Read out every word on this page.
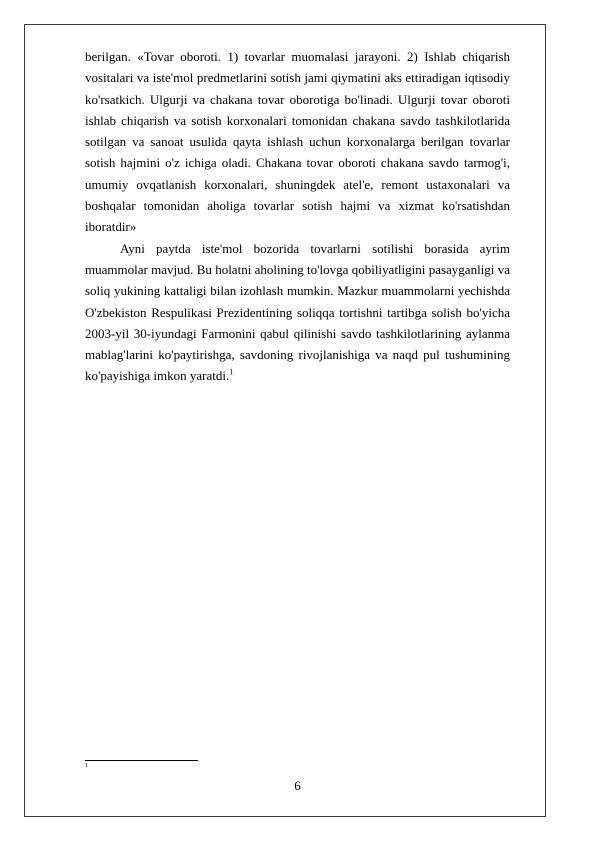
berilgan. «Tovar oboroti. 1) tovarlar muomalasi jarayoni. 2) Ishlab chiqarish vositalari va iste'mol predmetlarini sotish jami qiymatini aks ettiradigan iqtisodiy ko'rsatkich. Ulgurji va chakana tovar oborotiga bo'linadi. Ulgurji tovar oboroti ishlab chiqarish va sotish korxonalari tomonidan chakana savdo tashkilotlarida sotilgan va sanoat usulida qayta ishlash uchun korxonalarga berilgan tovarlar sotish hajmini o'z ichiga oladi. Chakana tovar oboroti chakana savdo tarmog'i, umumiy ovqatlanish korxonalari, shuningdek atel'e, remont ustaxonalari va boshqalar tomonidan aholiga tovarlar sotish hajmi va xizmat ko'rsatishdan iboratdir»

Ayni paytda iste'mol bozorida tovarlarni sotilishi borasida ayrim muammolar mavjud. Bu holatni aholining to'lovga qobiliyatligini pasayganligi va soliq yukining kattaligi bilan izohlash mumkin. Mazkur muammolarni yechishda O'zbekiston Respulikasi Prezidentining soliqqa tortishni tartibga solish bo'yicha 2003-yil 30-iyundagi Farmonini qabul qilinishi savdo tashkilotlarining aylanma mablag'larini ko'paytirishga, savdoning rivojlanishiga va naqd pul tushumining ko'payishiga imkon yaratdi.$^1$

1
6
